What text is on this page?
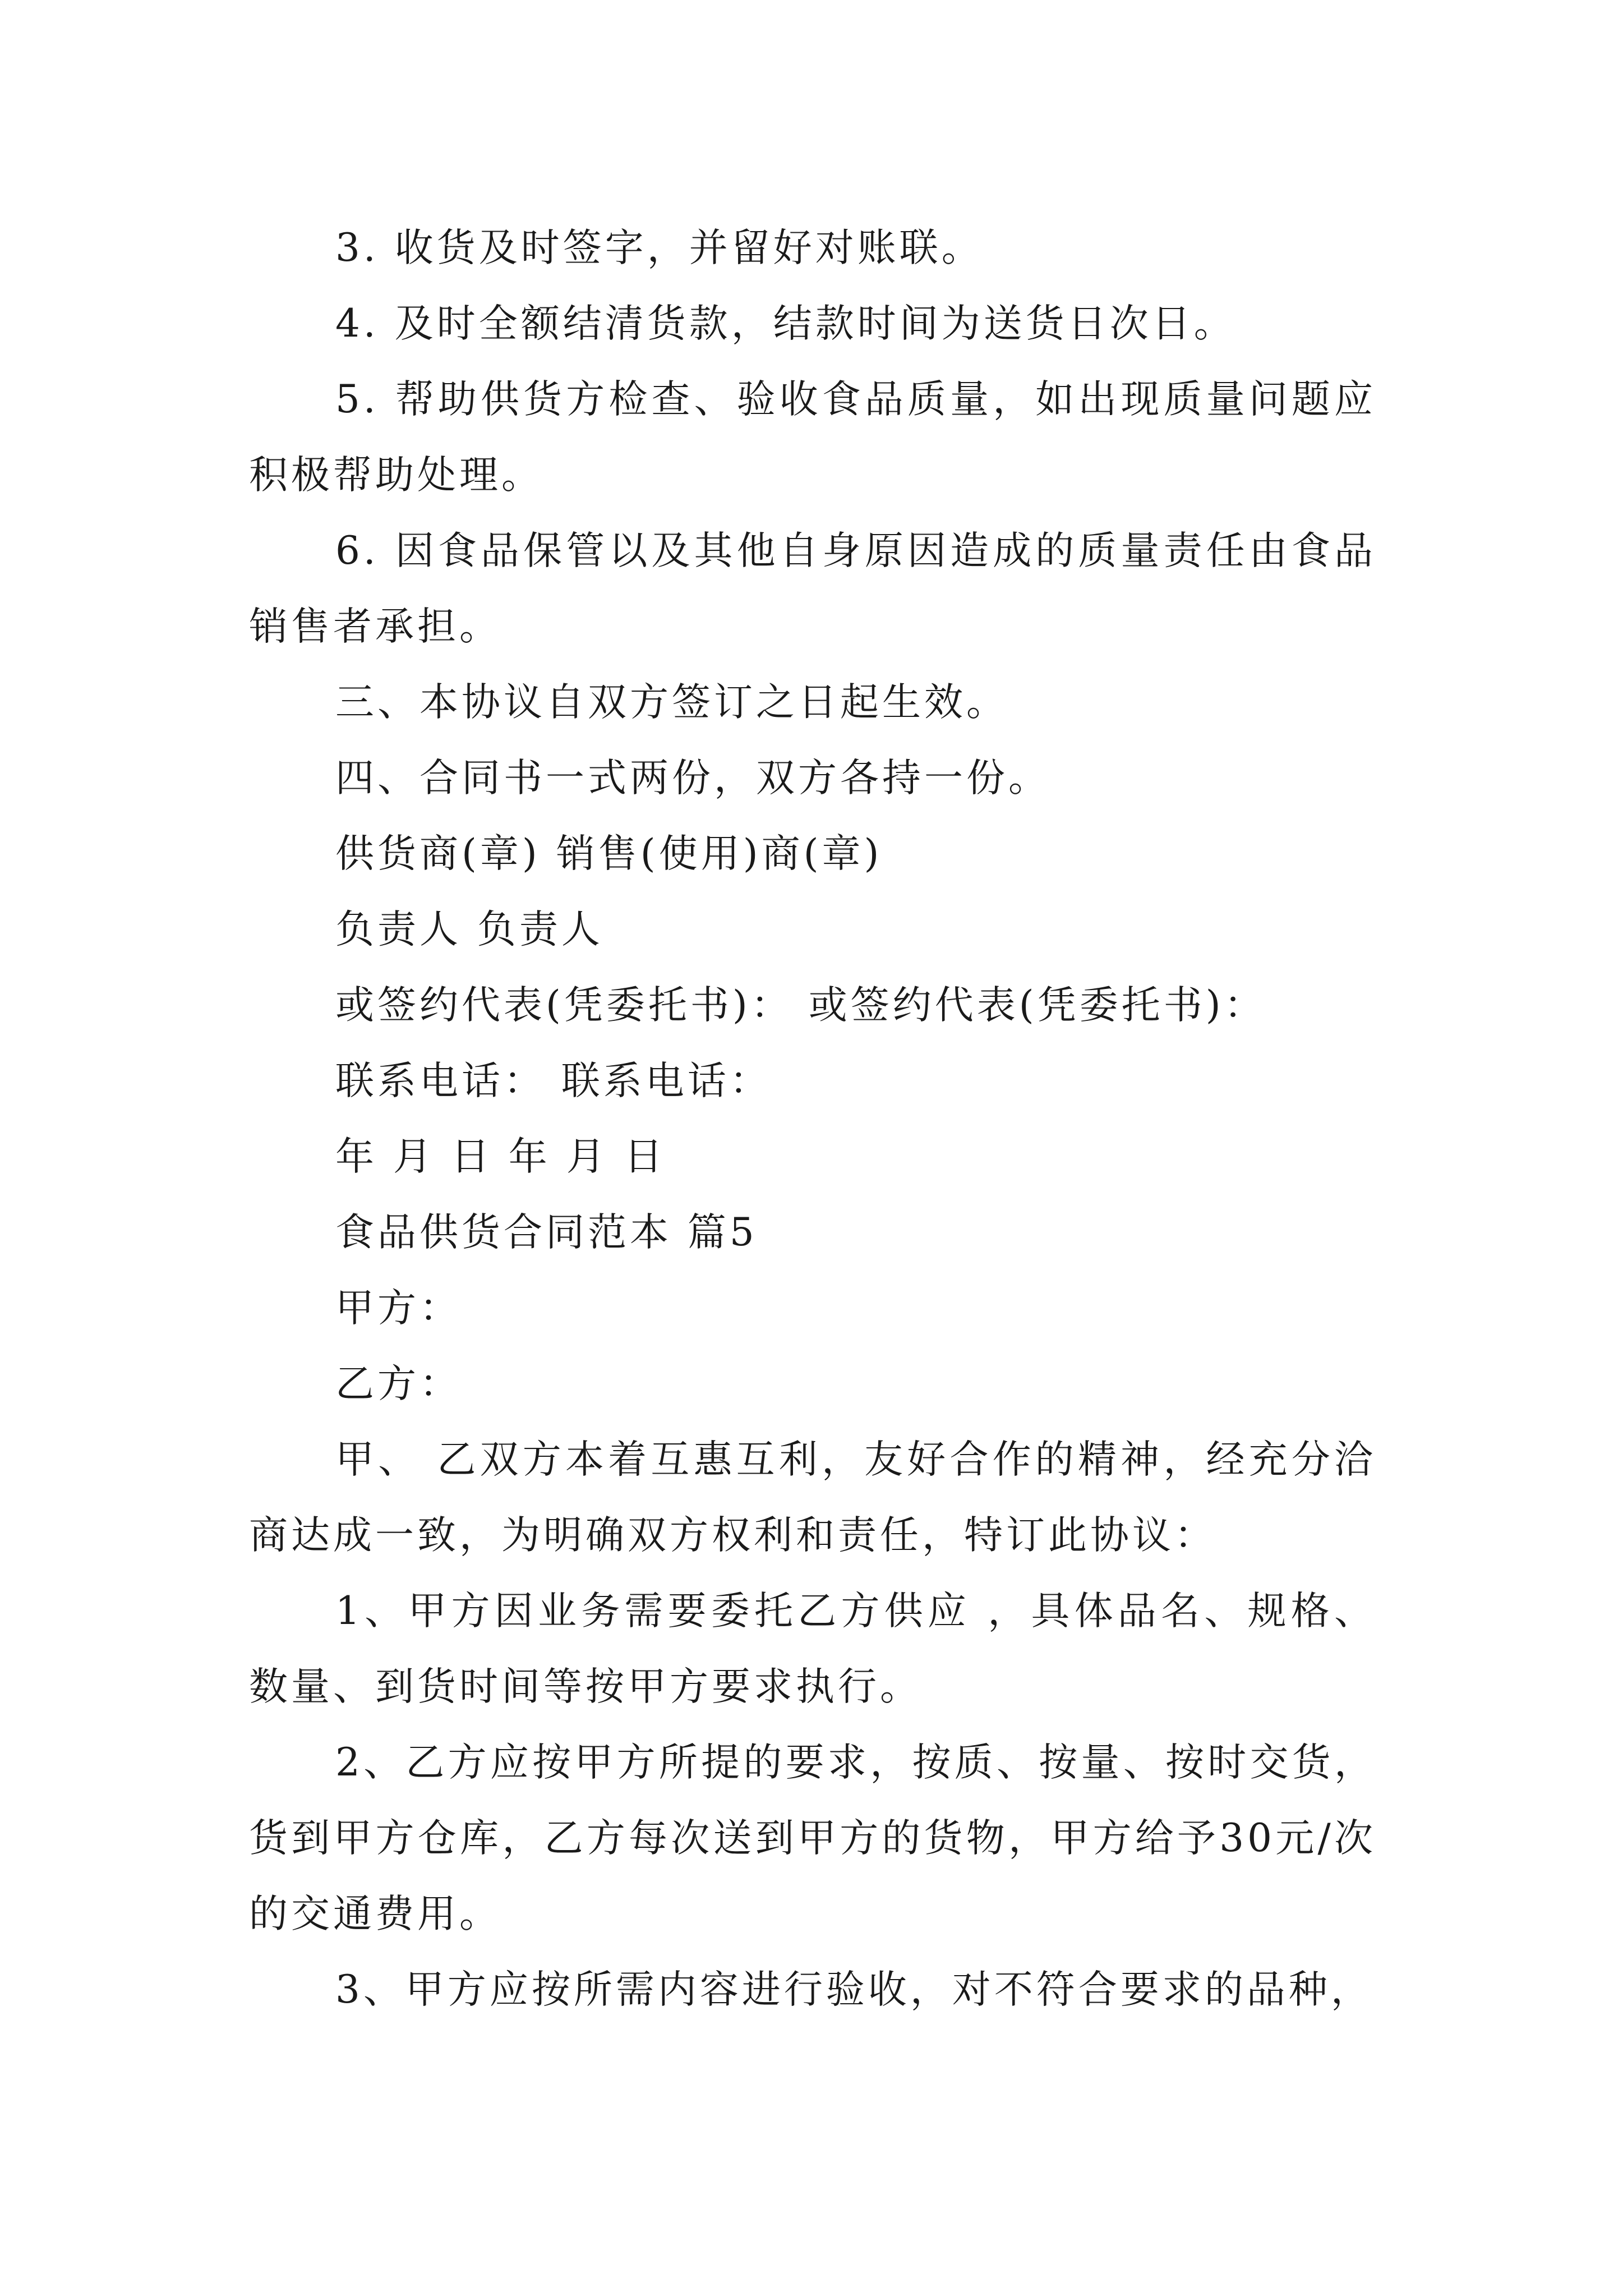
3. 收货及时签字，并留好对账联。

4. 及时全额结清货款，结款时间为送货日次日。

5. 帮助供货方检查、验收食品质量，如出现质量问题应积极帮助处理。

6. 因食品保管以及其他自身原因造成的质量责任由食品销售者承担。

三、本协议自双方签订之日起生效。

四、合同书一式两份，双方各持一份。

供货商(章) 销售(使用)商(章)

负责人 负责人

或签约代表(凭委托书)： 或签约代表(凭委托书)：

联系电话： 联系电话：

年 月 日 年 月 日

食品供货合同范本 篇5

甲方：

乙方：

甲、 乙双方本着互惠互利，友好合作的精神，经充分洽商达成一致，为明确双方权利和责任，特订此协议：

1、甲方因业务需要委托乙方供应 ，具体品名、规格、数量、到货时间等按甲方要求执行。

2、乙方应按甲方所提的要求，按质、按量、按时交货，货到甲方仓库，乙方每次送到甲方的货物，甲方给予30元/次的交通费用。

3、甲方应按所需内容进行验收，对不符合要求的品种，
